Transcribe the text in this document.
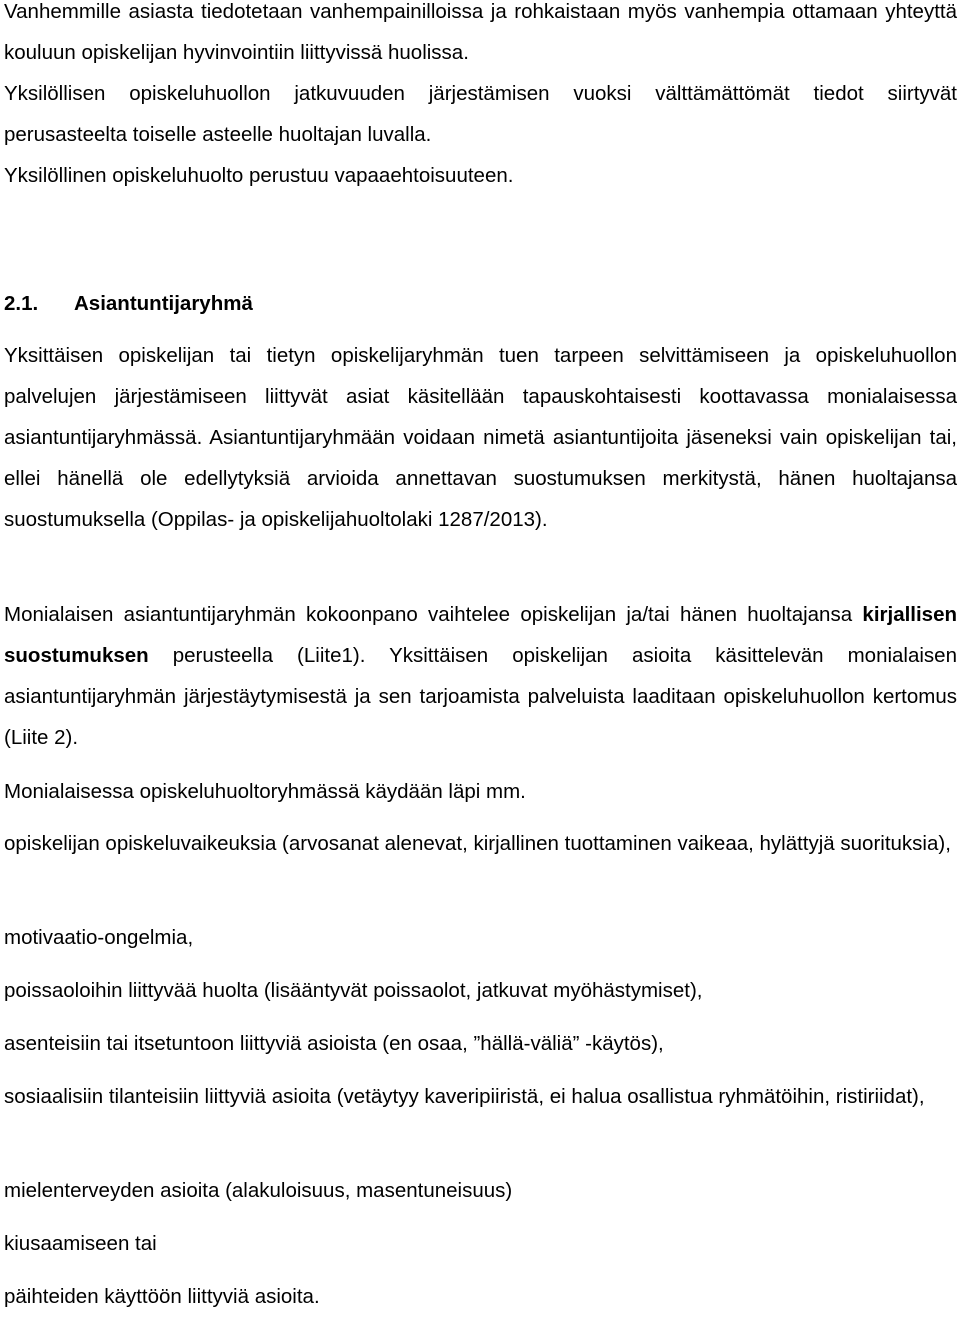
Vanhemmille asiasta tiedotetaan vanhempainilloissa ja rohkaistaan myös vanhempia ottamaan yhteyttä kouluun opiskelijan hyvinvointiin liittyvissä huolissa.

Yksilöllisen opiskeluhuollon jatkuvuuden järjestämisen vuoksi välttämättömät tiedot siirtyvät perusasteelta toiselle asteelle huoltajan luvalla.

Yksilöllinen opiskeluhuolto perustuu vapaaehtoisuuteen.

2.1. Asiantuntijaryhmä

Yksittäisen opiskelijan tai tietyn opiskelijaryhmän tuen tarpeen selvittämiseen ja opiskeluhuollon palvelujen järjestämiseen liittyvät asiat käsitellään tapauskohtaisesti koottavassa monialaisessa asiantuntijaryhmässä. Asiantuntijaryhmään voidaan nimetä asiantuntijoita jäseneksi vain opiskelijan tai, ellei hänellä ole edellytyksiä arvioida annettavan suostumuksen merkitystä, hänen huoltajansa suostumuksella (Oppilas- ja opiskelijahuoltolaki 1287/2013).

Monialaisen asiantuntijaryhmän kokoonpano vaihtelee opiskelijan ja/tai hänen huoltajansa kirjallisen suostumuksen perusteella (Liite1). Yksittäisen opiskelijan asioita käsittelevän monialaisen asiantuntijaryhmän järjestäytymisestä ja sen tarjoamista palveluista laaditaan opiskeluhuollon kertomus (Liite 2).

Monialaisessa opiskeluhuoltoryhmässä käydään läpi mm.

opiskelijan opiskeluvaikeuksia (arvosanat alenevat, kirjallinen tuottaminen vaikeaa, hylättyjä suorituksia),

motivaatio-ongelmia,

poissaoloihin liittyvää huolta (lisääntyvät poissaolot, jatkuvat myöhästymiset),

asenteisiin tai itsetuntoon liittyviä asioista (en osaa, ”hällä-väliä” -käytös),

sosiaalisiin tilanteisiin liittyviä asioita (vetäytyy kaveripiiristä, ei halua osallistua ryhmätöihin, ristiriidat),

mielenterveyden asioita (alakuloisuus, masentuneisuus)

kiusaamiseen tai

päihteiden käyttöön liittyviä asioita.
